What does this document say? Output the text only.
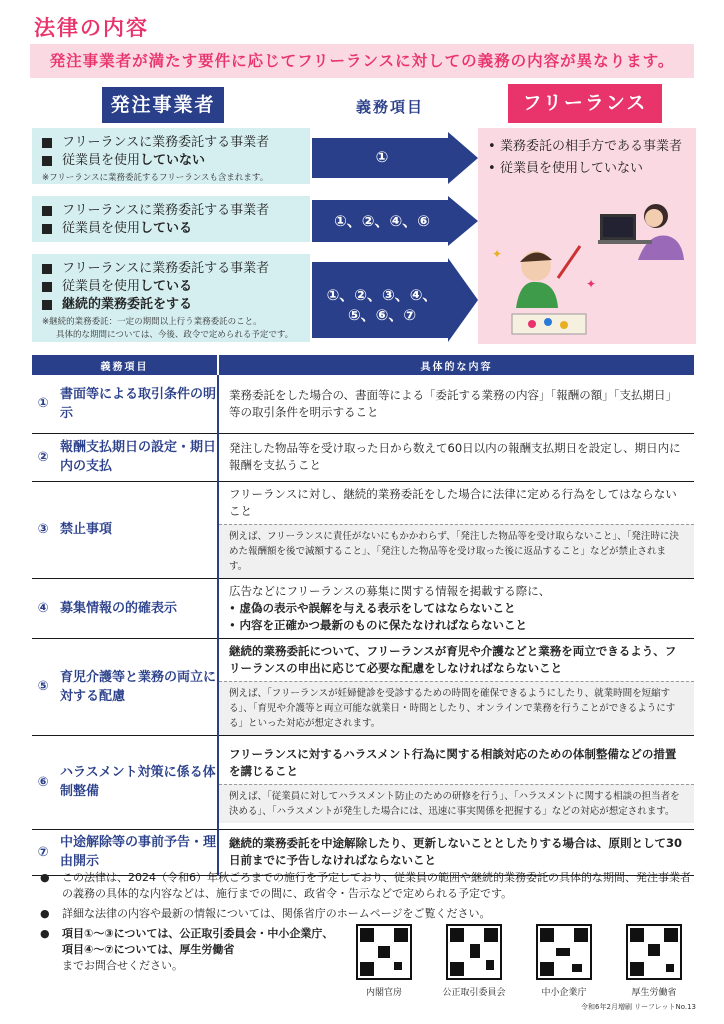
法律の内容
発注事業者が満たす要件に応じてフリーランスに対しての義務の内容が異なります。
発注事業者	義務項目	フリーランス
フリーランスに業務委託する事業者
従業員を使用 していない
※フリーランスに業務委託するフリーランスも含まれます。
フリーランスに業務委託する事業者
従業員を使用 している
フリーランスに業務委託する事業者
従業員を使用 している
継続的業務委託をする
※継続的業務委託：一定の期間以上行う業務委託のこと。
具体的な期間については、今後、政令で定められる予定です。
①
①、②、④、⑥
①、②、③、④、
⑤、⑥、⑦
• 業務委託の相手方である事業者
• 従業員を使用していない
✦
✦
義務項目		具体的な内容
①	書面等による取引条件の明示	業務委託をした場合の、書面等による「委託する業務の内容」「報酬の額」「支払期日」等の取引条件を明示すること
②	報酬支払期日の設定・期日内の支払	発注した物品等を受け取った日から数えて60日以内の報酬支払期日を設定し、期日内に報酬を支払うこと
③	禁止事項	フリーランスに対し、継続的業務委託をした場合に法律に定める行為をしてはならないこと
例えば、フリーランスに責任がないにもかかわらず、「発注した物品等を受け取らないこと」、「発注時に決めた報酬額を後で減額すること」、「発注した物品等を受け取った後に返品すること」などが禁止されます。

④	募集情報の的確表示	広告などにフリーランスの募集に関する情報を掲載する際に、
• 虚偽の表示や誤解を与える表示をしてはならないこと
• 内容を正確かつ最新のものに保たなければならないこと

⑤	育児介護等と業務の両立に対する配慮	継続的業務委託について、フリーランスが育児や介護などと業務を両立できるよう、フリーランスの申出に応じて必要な配慮をしなければならないこと
例えば、「フリーランスが妊婦健診を受診するための時間を確保できるようにしたり、就業時間を短縮する」、「育児や介護等と両立可能な就業日・時間としたり、オンラインで業務を行うことができるようにする」といった対応が想定されます。

⑥	ハラスメント対策に係る体制整備	フリーランスに対するハラスメント行為に関する相談対応のための体制整備などの措置を講じること
例えば、「従業員に対してハラスメント防止のための研修を行う」、「ハラスメントに関する相談の担当者を決める」、「ハラスメントが発生した場合には、迅速に事実関係を把握する」などの対応が想定されます。

⑦	中途解除等の事前予告・理由開示	継続的業務委託を中途解除したり、更新しないこととしたりする場合は、原則として30日前までに予告しなければならないこと
●	この法律は、2024（令和6）年秋ごろまでの施行を予定しており、従業員の範囲や継続的業務委託の具体的な期間、発注事業者の義務の具体的な内容などは、施行までの間に、政省令・告示などで定められる予定です。
●	詳細な法律の内容や最新の情報については、関係省庁のホームページをご覧ください。
●	項目①～③については、公正取引委員会・中小企業庁、
項目④～⑦については、厚生労働省
までお問合せください。
内閣官房	公正取引委員会	中小企業庁	厚生労働省
令和6年2月増刷 リーフレットNo.13
